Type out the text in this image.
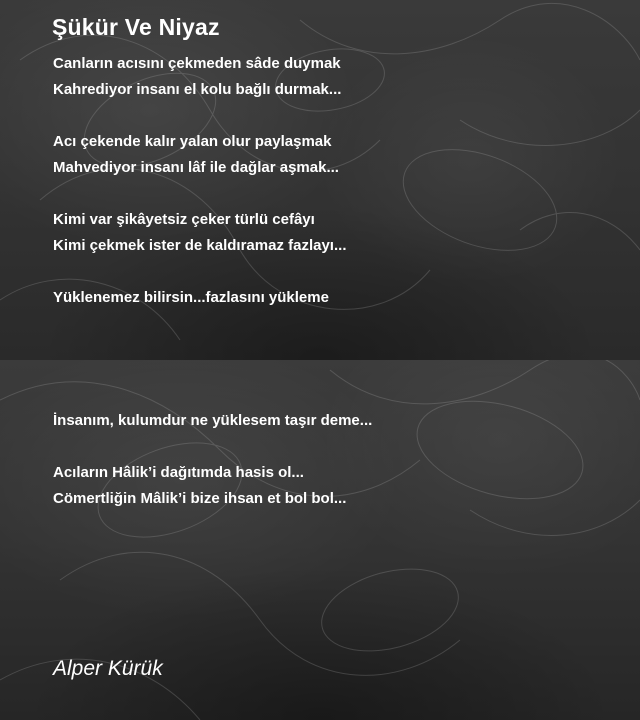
Şükür Ve Niyaz

Canların acısını çekmeden sâde duymak
Kahrediyor insanı el kolu bağlı durmak...

Acı çekende kalır yalan olur paylaşmak
Mahvediyor insanı lâf ile dağlar aşmak...

Kimi var şikâyetsiz çeker türlü cefâyı
Kimi çekmek ister de kaldıramaz fazlayı...

Yüklenemez bilirsin...fazlasını yükleme

İnsanım, kulumdur ne yüklesem taşır deme...

Acıların Hâlik’i dağıtımda hasis ol...
Cömertliğin Mâlik’i bize ihsan et bol bol...

Alper Kürük
